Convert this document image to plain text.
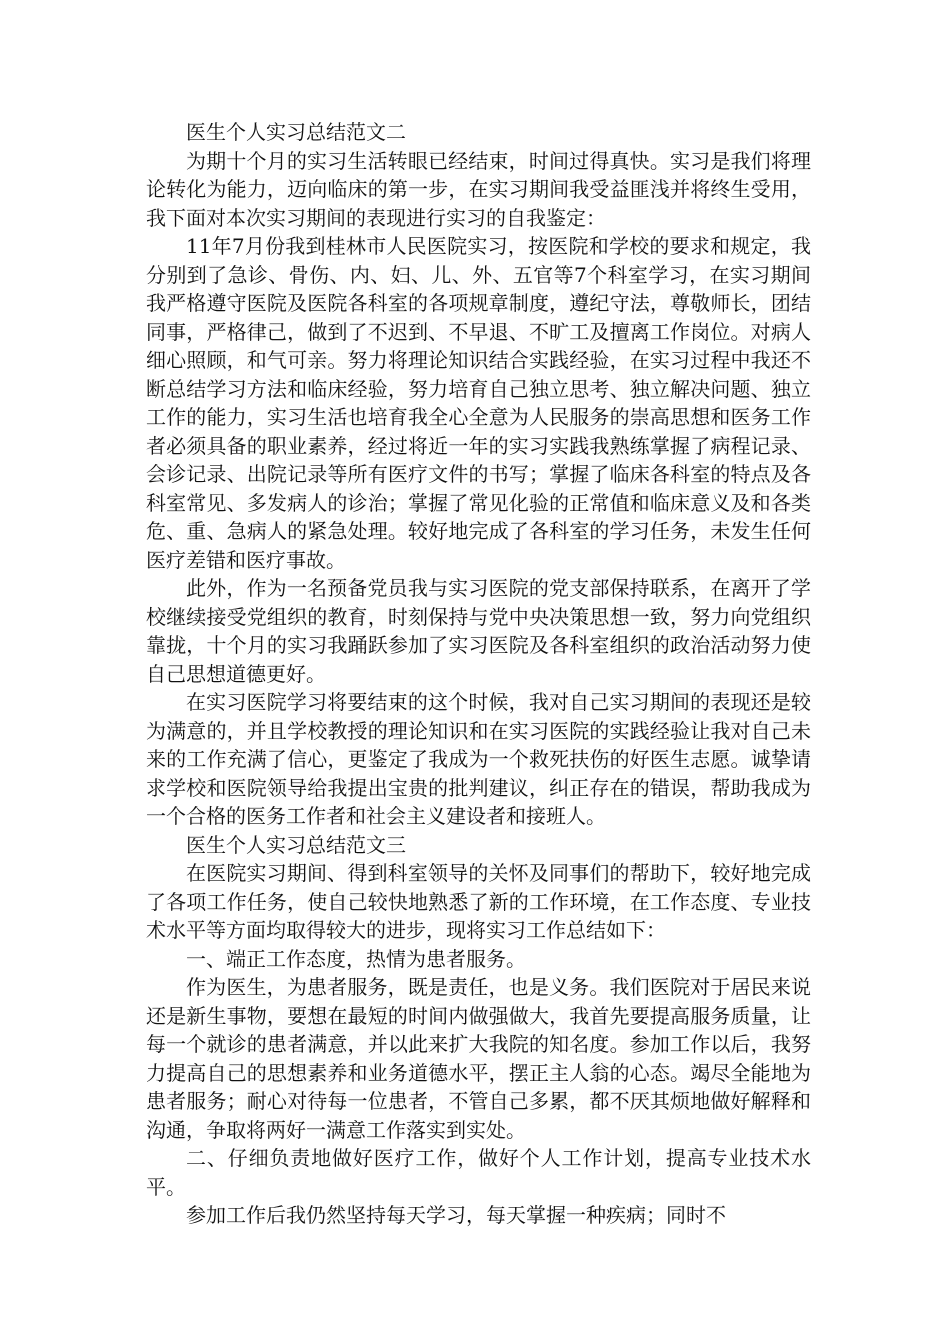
医生个人实习总结范文二

为期十个月的实习生活转眼已经结束，时间过得真快。实习是我们将理论转化为能力，迈向临床的第一步，在实习期间我受益匪浅并将终生受用，我下面对本次实习期间的表现进行实习的自我鉴定：

11年7月份我到桂林市人民医院实习，按医院和学校的要求和规定，我分别到了急诊、骨伤、内、妇、儿、外、五官等7个科室学习，在实习期间我严格遵守医院及医院各科室的各项规章制度，遵纪守法，尊敬师长，团结同事，严格律己，做到了不迟到、不早退、不旷工及擅离工作岗位。对病人细心照顾，和气可亲。努力将理论知识结合实践经验，在实习过程中我还不断总结学习方法和临床经验，努力培育自己独立思考、独立解决问题、独立工作的能力，实习生活也培育我全心全意为人民服务的崇高思想和医务工作者必须具备的职业素养，经过将近一年的实习实践我熟练掌握了病程记录、会诊记录、出院记录等所有医疗文件的书写；掌握了临床各科室的特点及各科室常见、多发病人的诊治；掌握了常见化验的正常值和临床意义及和各类危、重、急病人的紧急处理。较好地完成了各科室的学习任务，未发生任何医疗差错和医疗事故。

此外，作为一名预备党员我与实习医院的党支部保持联系，在离开了学校继续接受党组织的教育，时刻保持与党中央决策思想一致，努力向党组织靠拢，十个月的实习我踊跃参加了实习医院及各科室组织的政治活动努力使自己思想道德更好。

在实习医院学习将要结束的这个时候，我对自己实习期间的表现还是较为满意的，并且学校教授的理论知识和在实习医院的实践经验让我对自己未来的工作充满了信心，更鉴定了我成为一个救死扶伤的好医生志愿。诚挚请求学校和医院领导给我提出宝贵的批判建议，纠正存在的错误，帮助我成为一个合格的医务工作者和社会主义建设者和接班人。

医生个人实习总结范文三

在医院实习期间、得到科室领导的关怀及同事们的帮助下，较好地完成了各项工作任务，使自己较快地熟悉了新的工作环境，在工作态度、专业技术水平等方面均取得较大的进步，现将实习工作总结如下：

一、端正工作态度，热情为患者服务。

作为医生，为患者服务，既是责任，也是义务。我们医院对于居民来说还是新生事物，要想在最短的时间内做强做大，我首先要提高服务质量，让每一个就诊的患者满意，并以此来扩大我院的知名度。参加工作以后，我努力提高自己的思想素养和业务道德水平，摆正主人翁的心态。竭尽全能地为患者服务；耐心对待每一位患者，不管自己多累，都不厌其烦地做好解释和沟通，争取将两好一满意工作落实到实处。

二、仔细负责地做好医疗工作，做好个人工作计划，提高专业技术水平。

参加工作后我仍然坚持每天学习，每天掌握一种疾病；同时不
